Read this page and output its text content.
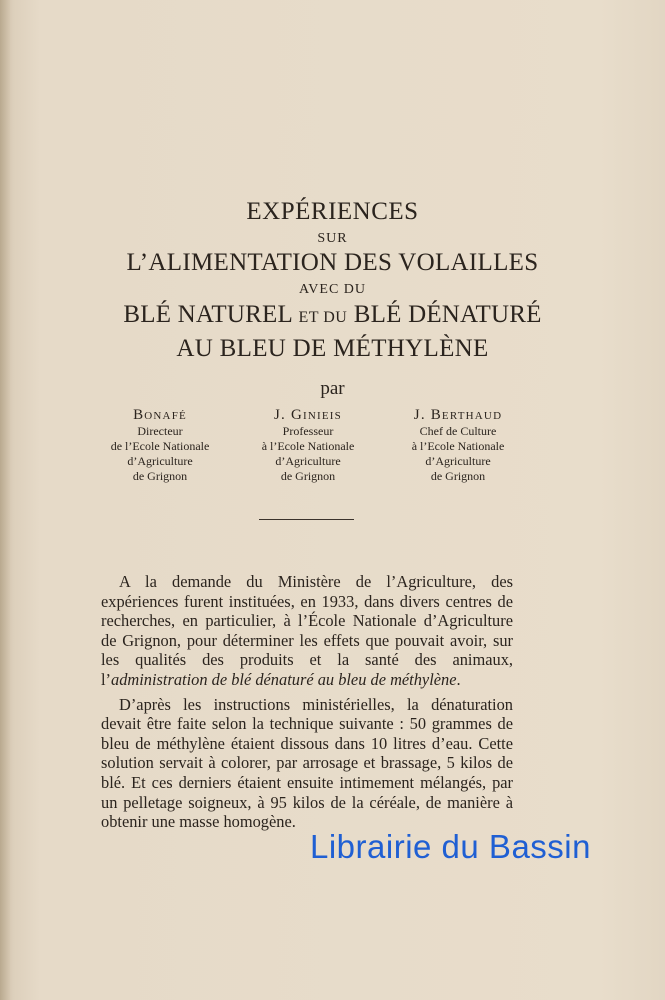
EXPÉRIENCES
SUR
L’ALIMENTATION DES VOLAILLES
AVEC DU
BLÉ NATUREL ET DU BLÉ DÉNATURÉ
AU BLEU DE MÉTHYLÈNE
par
Bonafé
Directeur
de l’Ecole Nationale
d’Agriculture
de Grignon
J. Ginieis
Professeur
à l’Ecole Nationale
d’Agriculture
de Grignon
J. Berthaud
Chef de Culture
à l’Ecole Nationale
d’Agriculture
de Grignon

A la demande du Ministère de l’Agriculture, des expériences furent instituées, en 1933, dans divers centres de recherches, en particulier, à l’École Nationale d’Agriculture de Grignon, pour déterminer les effets que pouvait avoir, sur les qualités des produits et la santé des animaux, l’administration de blé dénaturé au bleu de méthylène.

D’après les instructions ministérielles, la dénaturation devait être faite selon la technique suivante : 50 grammes de bleu de méthylène étaient dissous dans 10 litres d’eau. Cette solution servait à colorer, par arrosage et brassage, 5 kilos de blé. Et ces derniers étaient ensuite intimement mélangés, par un pelletage soigneux, à 95 kilos de la céréale, de manière à obtenir une masse homogène.

Librairie du Bassin
